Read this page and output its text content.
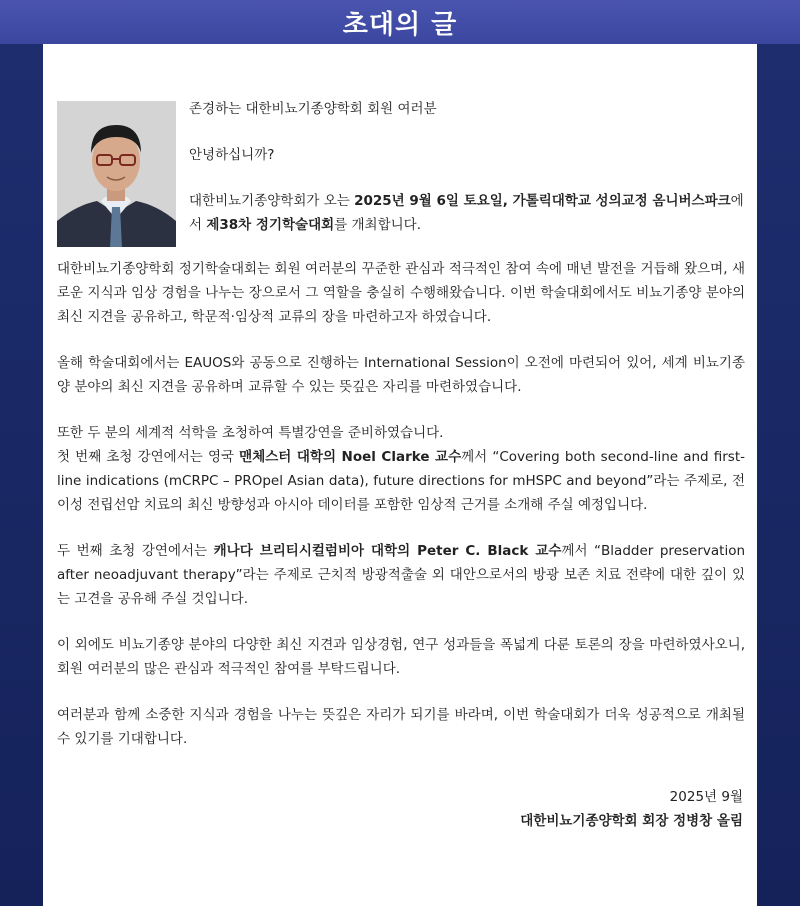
초대의 글

존경하는 대한비뇨기종양학회 회원 여러분

안녕하십니까?

대한비뇨기종양학회가 오는 2025년 9월 6일 토요일, 가톨릭대학교 성의교정 옴니버스파크에서 제38차 정기학술대회를 개최합니다.

대한비뇨기종양학회 정기학술대회는 회원 여러분의 꾸준한 관심과 적극적인 참여 속에 매년 발전을 거듭해 왔으며, 새로운 지식과 임상 경험을 나누는 장으로서 그 역할을 충실히 수행해왔습니다. 이번 학술대회에서도 비뇨기종양 분야의 최신 지견을 공유하고, 학문적·임상적 교류의 장을 마련하고자 하였습니다.

올해 학술대회에서는 EAUOS와 공동으로 진행하는 International Session이 오전에 마련되어 있어, 세계 비뇨기종양 분야의 최신 지견을 공유하며 교류할 수 있는 뜻깊은 자리를 마련하였습니다.

또한 두 분의 세계적 석학을 초청하여 특별강연을 준비하였습니다.

첫 번째 초청 강연에서는 영국 맨체스터 대학의 Noel Clarke 교수께서 “Covering both second-line and first-line indications (mCRPC – PROpel Asian data), future directions for mHSPC and beyond”라는 주제로, 전이성 전립선암 치료의 최신 방향성과 아시아 데이터를 포함한 임상적 근거를 소개해 주실 예정입니다.

두 번째 초청 강연에서는 캐나다 브리티시컬럼비아 대학의 Peter C. Black 교수께서 “Bladder preservation after neoadjuvant therapy”라는 주제로 근치적 방광적출술 외 대안으로서의 방광 보존 치료 전략에 대한 깊이 있는 고견을 공유해 주실 것입니다.

이 외에도 비뇨기종양 분야의 다양한 최신 지견과 임상경험, 연구 성과들을 폭넓게 다룬 토론의 장을 마련하였사오니, 회원 여러분의 많은 관심과 적극적인 참여를 부탁드립니다.

여러분과 함께 소중한 지식과 경험을 나누는 뜻깊은 자리가 되기를 바라며, 이번 학술대회가 더욱 성공적으로 개최될 수 있기를 기대합니다.

2025년 9월
대한비뇨기종양학회 회장 정병창 올림
